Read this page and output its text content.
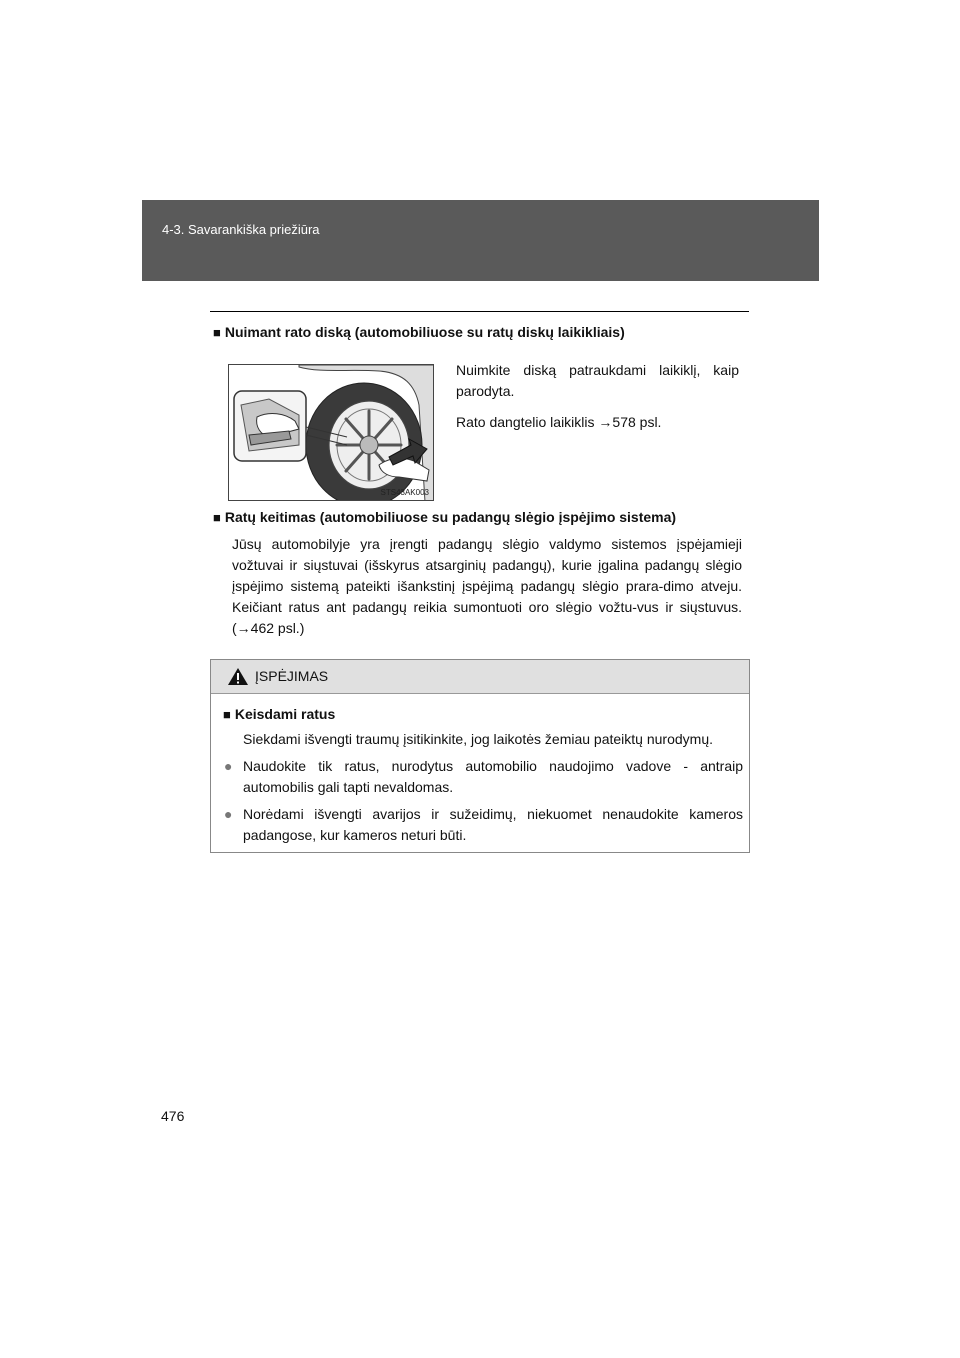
4-3. Savarankiška priežiūra
■ Nuimant rato diską (automobiliuose su ratų diskų laikikliais)
STS43AK003

Nuimkite diską patraukdami laikiklį, kaip parodyta.

Rato dangtelio laikiklis →578 psl.

■ Ratų keitimas (automobiliuose su padangų slėgio įspėjimo sistema)

Jūsų automobilyje yra įrengti padangų slėgio valdymo sistemos įspėjamieji vožtuvai ir siųstuvai (išskyrus atsarginių padangų), kurie įgalina padangų slėgio įspėjimo sistemą pateikti išankstinį įspėjimą padangų slėgio prara-dimo atveju. Keičiant ratus ant padangų reikia sumontuoti oro slėgio vožtu-vus ir siųstuvus. (→462 psl.)

ĮSPĖJIMAS
■ Keisdami ratus
Siekdami išvengti traumų įsitikinkite, jog laikotės žemiau pateiktų nurodymų.
● Naudokite tik ratus, nurodytus automobilio naudojimo vadove - antraip automobilis gali tapti nevaldomas.
● Norėdami išvengti avarijos ir sužeidimų, niekuomet nenaudokite kameros padangose, kur kameros neturi būti.
476
